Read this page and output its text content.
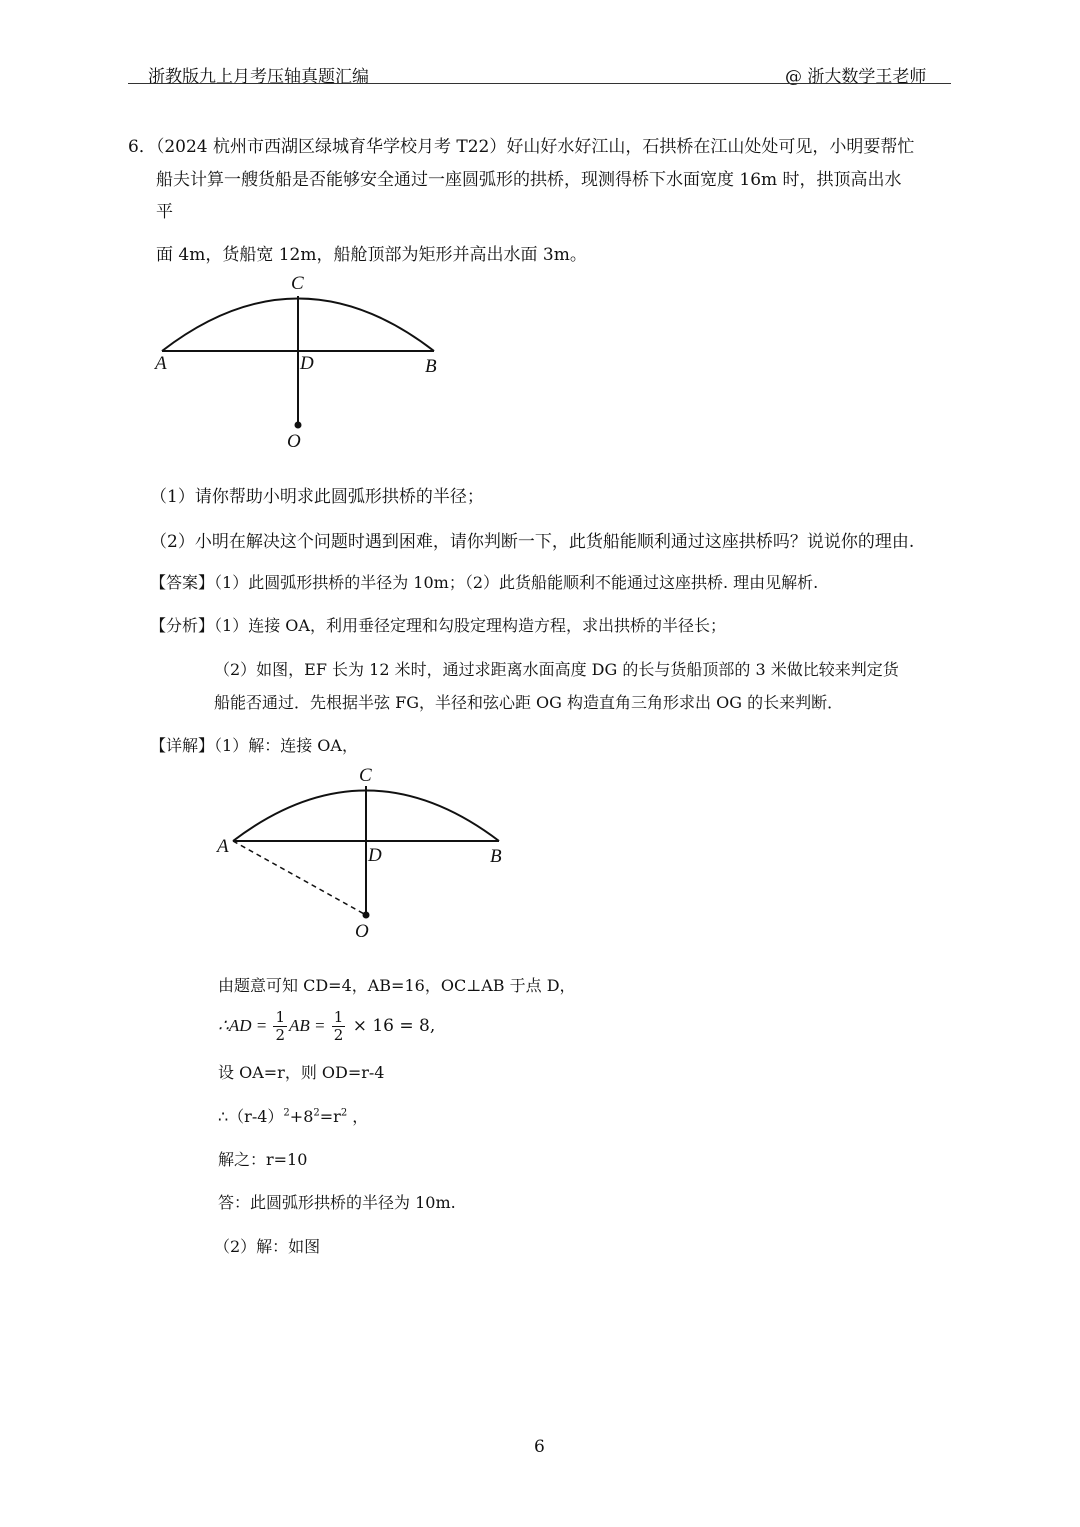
浙教版九上月考压轴真题汇编	@ 浙大数学王老师
6．（2024 杭州市西湖区绿城育华学校月考 T22）好山好水好江山，石拱桥在江山处处可见，小明要帮忙
船夫计算一艘货船是否能够安全通过一座圆弧形的拱桥，现测得桥下水面宽度 16m 时，拱顶高出水
平
面 4m，货船宽 12m，船舱顶部为矩形并高出水面 3m。
A	B
C
D
O
（1）请你帮助小明求此圆弧形拱桥的半径；
（2）小明在解决这个问题时遇到困难，请你判断一下，此货船能顺利通过这座拱桥吗？说说你的理由.
【答案】（1）此圆弧形拱桥的半径为 10m；（2）此货船能顺利不能通过这座拱桥. 理由见解析.
【分析】（1）连接 OA，利用垂径定理和勾股定理构造方程，求出拱桥的半径长；
（2）如图，EF 长为 12 米时，通过求距离水面高度 DG 的长与货船顶部的 3 米做比较来判定货
船能否通过．先根据半弦 FG，半径和弦心距 OG 构造直角三角形求出 OG 的长来判断．
【详解】（1）解：连接 OA，
A	B
C
D
O
由题意可知 CD=4，AB=16，OC⊥AB 于点 D，
∴AD = $\frac{1}{2}$ AB = $\frac{1}{2} \times 16 = 8$,
设 OA=r，则 OD=r-4
$\therefore(r-4)^2+8^2=r^2$ ，
解之：r=10
答：此圆弧形拱桥的半径为 10m.
（2）解：如图
6
